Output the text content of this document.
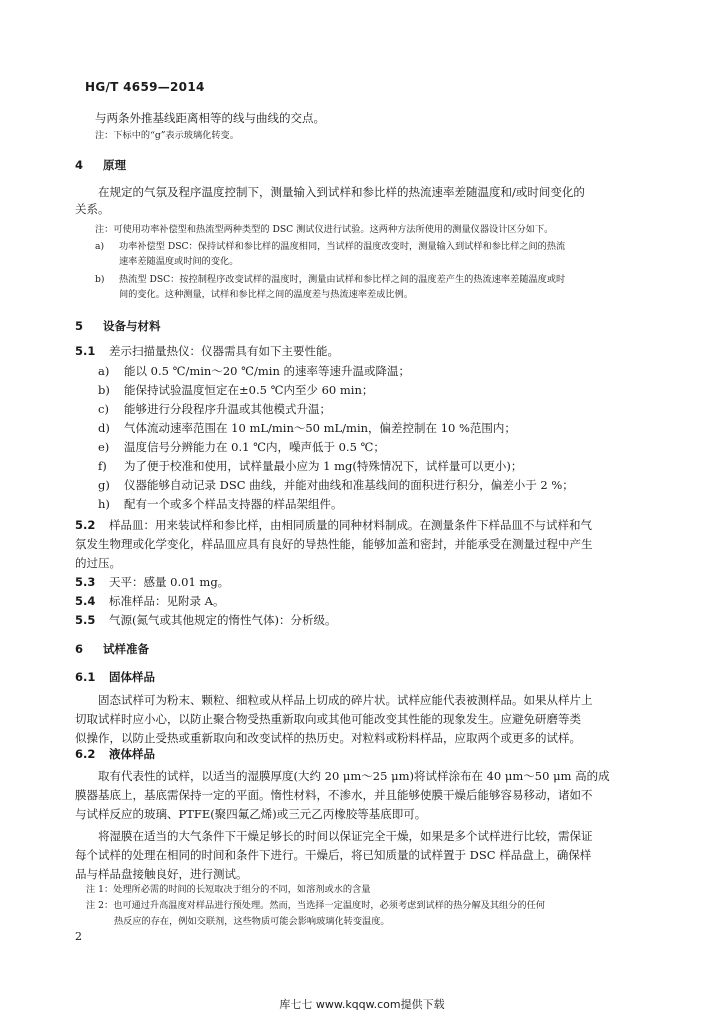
HG/T 4659—2014
与两条外推基线距离相等的线与曲线的交点。
注：下标中的“g”表示玻璃化转变。
4 原理
在规定的气氛及程序温度控制下，测量输入到试样和参比样的热流速率差随温度和/或时间变化的
关系。
注：可使用功率补偿型和热流型两种类型的 DSC 测试仪进行试验。这两种方法所使用的测量仪器设计区分如下。
a) 功率补偿型 DSC：保持试样和参比样的温度相同，当试样的温度改变时，测量输入到试样和参比样之间的热流
速率差随温度或时间的变化。
b) 热流型 DSC：按控制程序改变试样的温度时，测量由试样和参比样之间的温度差产生的热流速率差随温度或时
间的变化。这种测量，试样和参比样之间的温度差与热流速率差成比例。
5 设备与材料
5.1 差示扫描量热仪：仪器需具有如下主要性能。
a) 能以 0.5 ℃/min～20 ℃/min 的速率等速升温或降温；
b) 能保持试验温度恒定在±0.5 ℃内至少 60 min；
c) 能够进行分段程序升温或其他模式升温；
d) 气体流动速率范围在 10 mL/min～50 mL/min，偏差控制在 10 %范围内；
e) 温度信号分辨能力在 0.1 ℃内，噪声低于 0.5 ℃；
f) 为了便于校准和使用，试样量最小应为 1 mg(特殊情况下，试样量可以更小)；
g) 仪器能够自动记录 DSC 曲线，并能对曲线和准基线间的面积进行积分，偏差小于 2 %；
h) 配有一个或多个样品支持器的样品架组件。
5.2 样品皿：用来装试样和参比样，由相同质量的同种材料制成。在测量条件下样品皿不与试样和气
氛发生物理或化学变化，样品皿应具有良好的导热性能，能够加盖和密封，并能承受在测量过程中产生
的过压。
5.3 天平：感量 0.01 mg。
5.4 标准样品：见附录 A。
5.5 气源(氮气或其他规定的惰性气体)：分析级。
6 试样准备
6.1 固体样品
固态试样可为粉末、颗粒、细粒或从样品上切成的碎片状。试样应能代表被测样品。如果从样片上
切取试样时应小心，以防止聚合物受热重新取向或其他可能改变其性能的现象发生。应避免研磨等类
似操作，以防止受热或重新取向和改变试样的热历史。对粒料或粉料样品，应取两个或更多的试样。
6.2 液体样品
取有代表性的试样，以适当的湿膜厚度(大约 20 μm～25 μm)将试样涂布在 40 μm～50 μm 高的成
膜器基底上，基底需保持一定的平面。惰性材料，不渗水，并且能够使膜干燥后能够容易移动，诸如不
与试样反应的玻璃、PTFE(聚四氟乙烯)或三元乙丙橡胶等基底即可。
将湿膜在适当的大气条件下干燥足够长的时间以保证完全干燥，如果是多个试样进行比较，需保证
每个试样的处理在相同的时间和条件下进行。干燥后，将已知质量的试样置于 DSC 样品盘上，确保样
品与样品盘接触良好，进行测试。
注 1：处理所必需的时间的长短取决于组分的不同，如溶剂或水的含量
注 2：也可通过升高温度对样品进行预处理。然而，当选择一定温度时，必须考虑到试样的热分解及其组分的任何
热反应的存在，例如交联剂，这些物质可能会影响玻璃化转变温度。
2
库七七 www.kqqw.com提供下载
